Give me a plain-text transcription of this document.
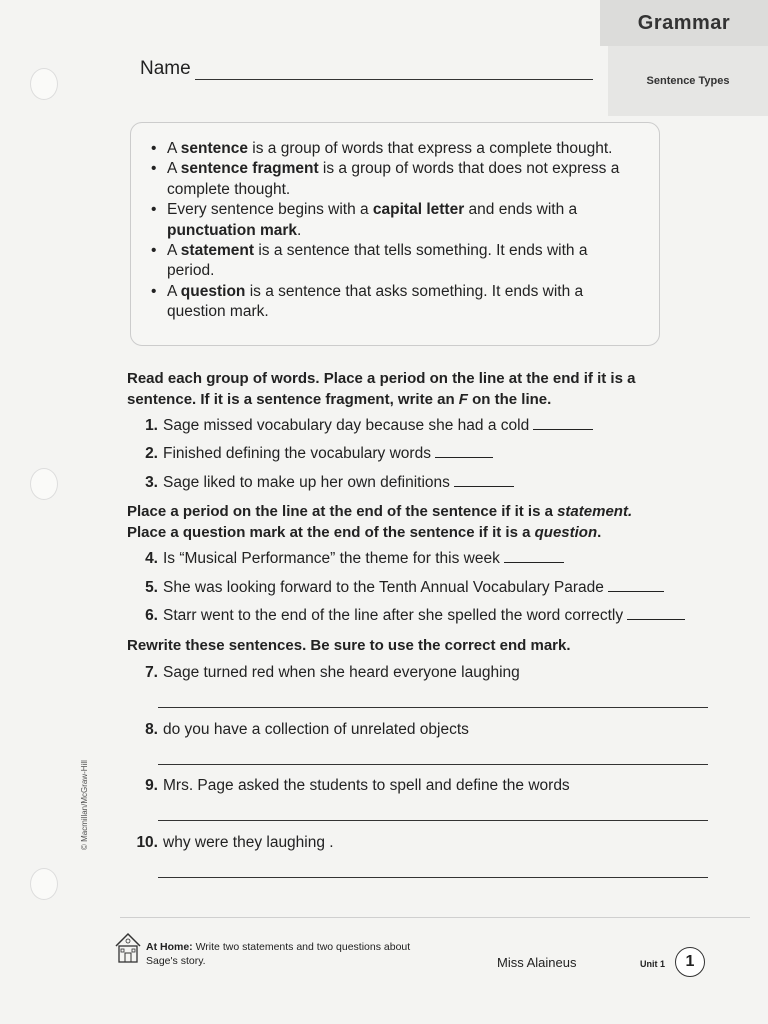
Grammar
Sentence Types
Name
• A sentence is a group of words that express a complete thought.
• A sentence fragment is a group of words that does not express a complete thought.
• Every sentence begins with a capital letter and ends with a punctuation mark.
• A statement is a sentence that tells something. It ends with a period.
• A question is a sentence that asks something. It ends with a question mark.
Read each group of words. Place a period on the line at the end if it is a sentence. If it is a sentence fragment, write an F on the line.
1. Sage missed vocabulary day because she had a cold
2. Finished defining the vocabulary words
3. Sage liked to make up her own definitions
Place a period on the line at the end of the sentence if it is a statement.
Place a question mark at the end of the sentence if it is a question.
4. Is “Musical Performance” the theme for this week
5. She was looking forward to the Tenth Annual Vocabulary Parade
6. Starr went to the end of the line after she spelled the word correctly
Rewrite these sentences. Be sure to use the correct end mark.
7. Sage turned red when she heard everyone laughing
8. do you have a collection of unrelated objects
9. Mrs. Page asked the students to spell and define the words
10. why were they laughing .
© Macmillan/McGraw-Hill
At Home: Write two statements and two questions about
Sage's story.	Miss Alaineus	Unit 1 1
